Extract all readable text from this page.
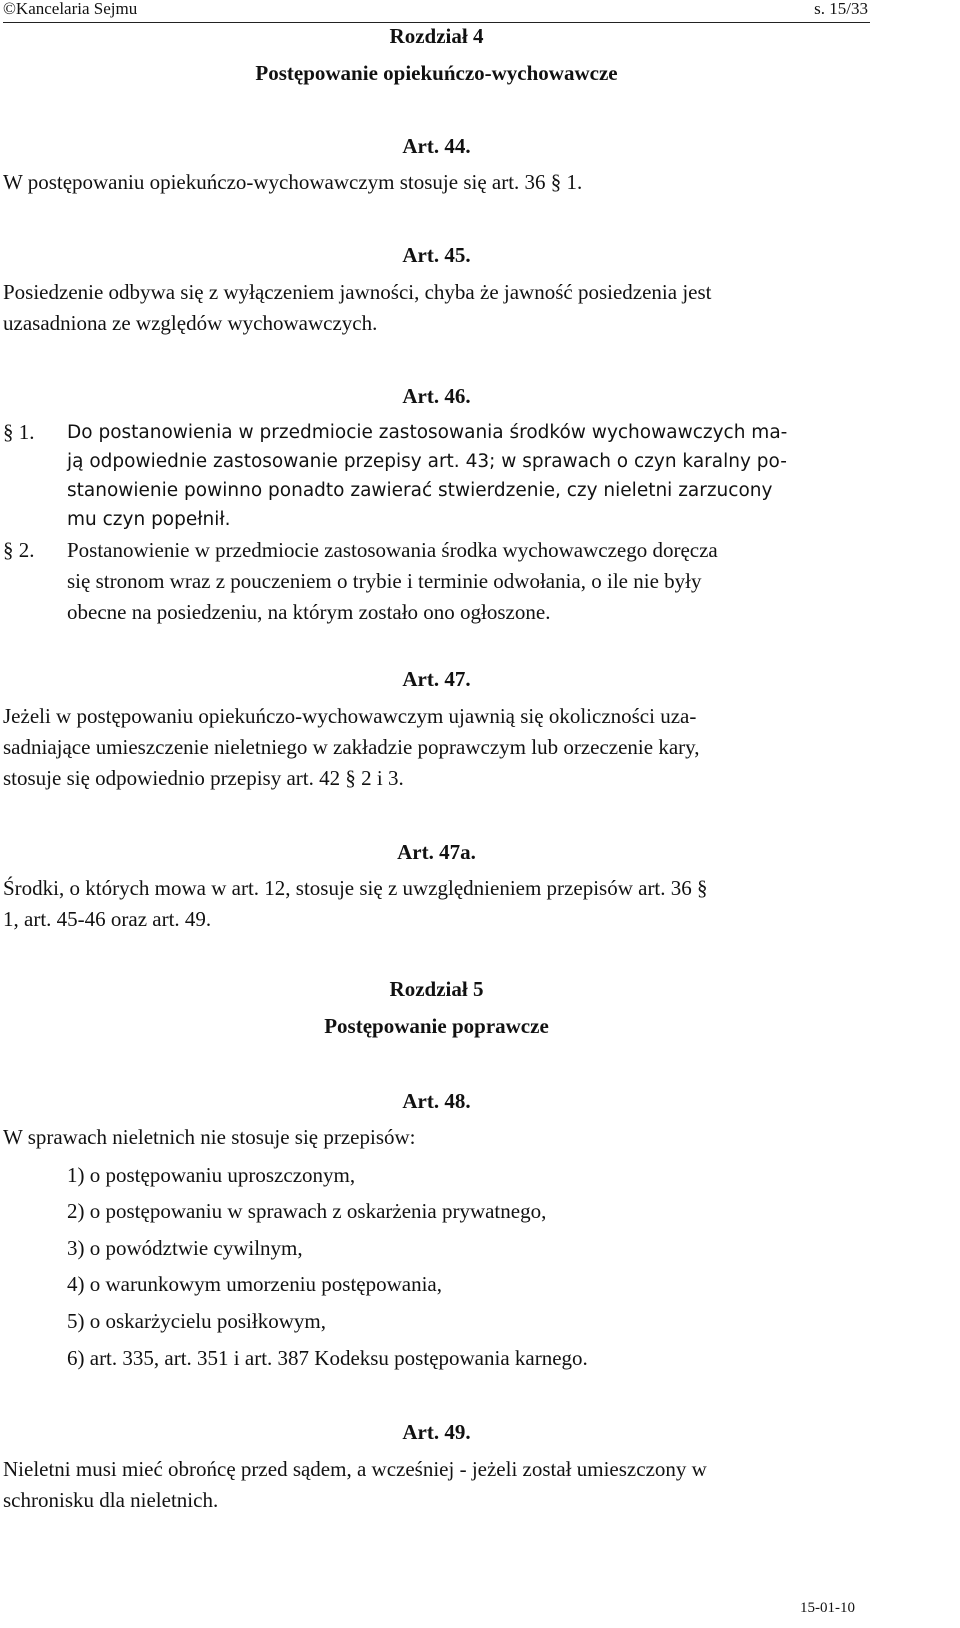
©Kancelaria Sejmu	s. 15/33
Rozdział 4
Postępowanie opiekuńczo-wychowawcze
Art. 44.
W postępowaniu opiekuńczo-wychowawczym stosuje się art. 36 § 1.
Art. 45.
Posiedzenie odbywa się z wyłączeniem jawności, chyba że jawność posiedzenia jest
uzasadniona ze względów wychowawczych.
Art. 46.
§ 1.	Do postanowienia w przedmiocie zastosowania środków wychowawczych ma-
ją odpowiednie zastosowanie przepisy art. 43; w sprawach o czyn karalny po-
stanowienie powinno ponadto zawierać stwierdzenie, czy nieletni zarzucony
mu czyn popełnił.
§ 2.	Postanowienie w przedmiocie zastosowania środka wychowawczego doręcza
się stronom wraz z pouczeniem o trybie i terminie odwołania, o ile nie były
obecne na posiedzeniu, na którym zostało ono ogłoszone.
Art. 47.
Jeżeli w postępowaniu opiekuńczo-wychowawczym ujawnią się okoliczności uza-
sadniające umieszczenie nieletniego w zakładzie poprawczym lub orzeczenie kary,
stosuje się odpowiednio przepisy art. 42 § 2 i 3.
Art. 47a.
Środki, o których mowa w art. 12, stosuje się z uwzględnieniem przepisów art. 36 §
1, art. 45-46 oraz art. 49.
Rozdział 5
Postępowanie poprawcze
Art. 48.
W sprawach nieletnich nie stosuje się przepisów:
1) o postępowaniu uproszczonym,
2) o postępowaniu w sprawach z oskarżenia prywatnego,
3) o powództwie cywilnym,
4) o warunkowym umorzeniu postępowania,
5) o oskarżycielu posiłkowym,
6) art. 335, art. 351 i art. 387 Kodeksu postępowania karnego.
Art. 49.
Nieletni musi mieć obrońcę przed sądem, a wcześniej - jeżeli został umieszczony w
schronisku dla nieletnich.
15-01-10
